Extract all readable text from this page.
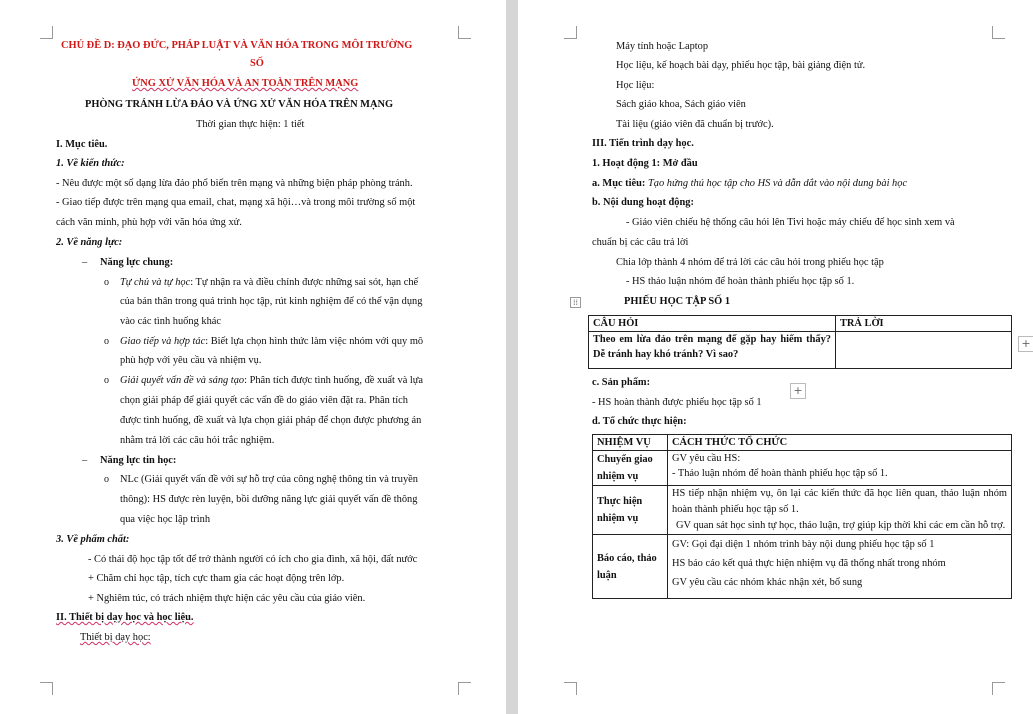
CHỦ ĐỀ D: ĐẠO ĐỨC, PHÁP LUẬT VÀ VĂN HÓA TRONG MÔI TRƯỜNG
SỐ
ỨNG XỬ VĂN HÓA VÀ AN TOÀN TRÊN MẠNG
PHÒNG TRÁNH LỪA ĐẢO VÀ ỨNG XỬ VĂN HÓA TRÊN MẠNG
Thời gian thực hiện: 1 tiết
I. Mục tiêu.
1. Về kiến thức:
- Nêu được một số dạng lừa đảo phổ biến trên mạng và những biện pháp phòng tránh.
- Giao tiếp được trên mạng qua email, chat, mạng xã hội…và trong môi trường số một
cách văn minh, phù hợp với văn hóa ứng xử.
2. Về năng lực:
– Năng lực chung:
o Tự chủ và tự học: Tự nhận ra và điều chỉnh được những sai sót, hạn chế
của bản thân trong quá trình học tập, rút kinh nghiệm để có thể vận dụng
vào các tình huống khác
o Giao tiếp và hợp tác: Biết lựa chọn hình thức làm việc nhóm với quy mô
phù hợp với yêu cầu và nhiệm vụ.
o Giải quyết vấn đề và sáng tạo: Phân tích được tình huống, đề xuất và lựa
chọn giải pháp để giải quyết các vấn đề do giáo viên đặt ra. Phân tích
được tình huống, đề xuất và lựa chọn giải pháp để chọn được phương án
nhằm trả lời các câu hỏi trắc nghiệm.
– Năng lực tin học:
o NLc (Giải quyết vấn đề với sự hỗ trợ của công nghệ thông tin và truyền
thông): HS được rèn luyện, bồi dưỡng năng lực giải quyết vấn đề thông
qua việc học lập trình
3. Về phẩm chất:
- Có thái độ học tập tốt để trở thành người có ích cho gia đình, xã hội, đất nước
+ Chăm chỉ học tập, tích cực tham gia các hoạt động trên lớp.
+ Nghiêm túc, có trách nhiệm thực hiện các yêu cầu của giáo viên.
II. Thiết bị dạy học và học liệu.
Thiết bị dạy học:
Máy tính hoặc Laptop
Học liệu, kế hoạch bài dạy, phiếu học tập, bài giảng điện tử.
Học liệu:
Sách giáo khoa, Sách giáo viên
Tài liệu (giáo viên đã chuẩn bị trước).
III. Tiến trình dạy học.
1. Hoạt động 1: Mở đầu
a. Mục tiêu: Tạo hứng thú học tập cho HS và dẫn dắt vào nội dung bài học
b. Nội dung hoạt động:
- Giáo viên chiếu hệ thống câu hỏi lên Tivi hoặc máy chiếu để học sinh xem và
chuẩn bị các câu trả lời
Chia lớp thành 4 nhóm để trả lời các câu hỏi trong phiếu học tập
- HS thảo luận nhóm để hoàn thành phiếu học tập số 1.
⁞⁞	PHIẾU HỌC TẬP SỐ 1
CÂU HỎI	TRẢ LỜI
Theo em lừa đảo trên mạng để gặp hay hiếm thấy? Dễ tránh hay khó tránh? Vì sao?	
+
+
c. Sản phẩm:
- HS hoàn thành được phiếu học tập số 1
d. Tổ chức thực hiện:
NHIỆM VỤ	CÁCH THỨC TỔ CHỨC
Chuyển giao nhiệm vụ	GV yêu cầu HS:
- Thảo luận nhóm để hoàn thành phiếu học tập số 1.

Thực hiện nhiệm vụ	HS tiếp nhận nhiệm vụ, ôn lại các kiến thức đã học liên quan, thảo luận nhóm hoàn thành phiếu học tập số 1.
GV quan sát học sinh tự học, thảo luận, trợ giúp kịp thời khi các em cần hỗ trợ.

Báo cáo, thảo luận	GV: Gọi đại diện 1 nhóm trình bày nội dung phiếu học tập số 1
HS báo cáo kết quả thực hiện nhiệm vụ đã thống nhất trong nhóm
GV yêu cầu các nhóm khác nhận xét, bổ sung
